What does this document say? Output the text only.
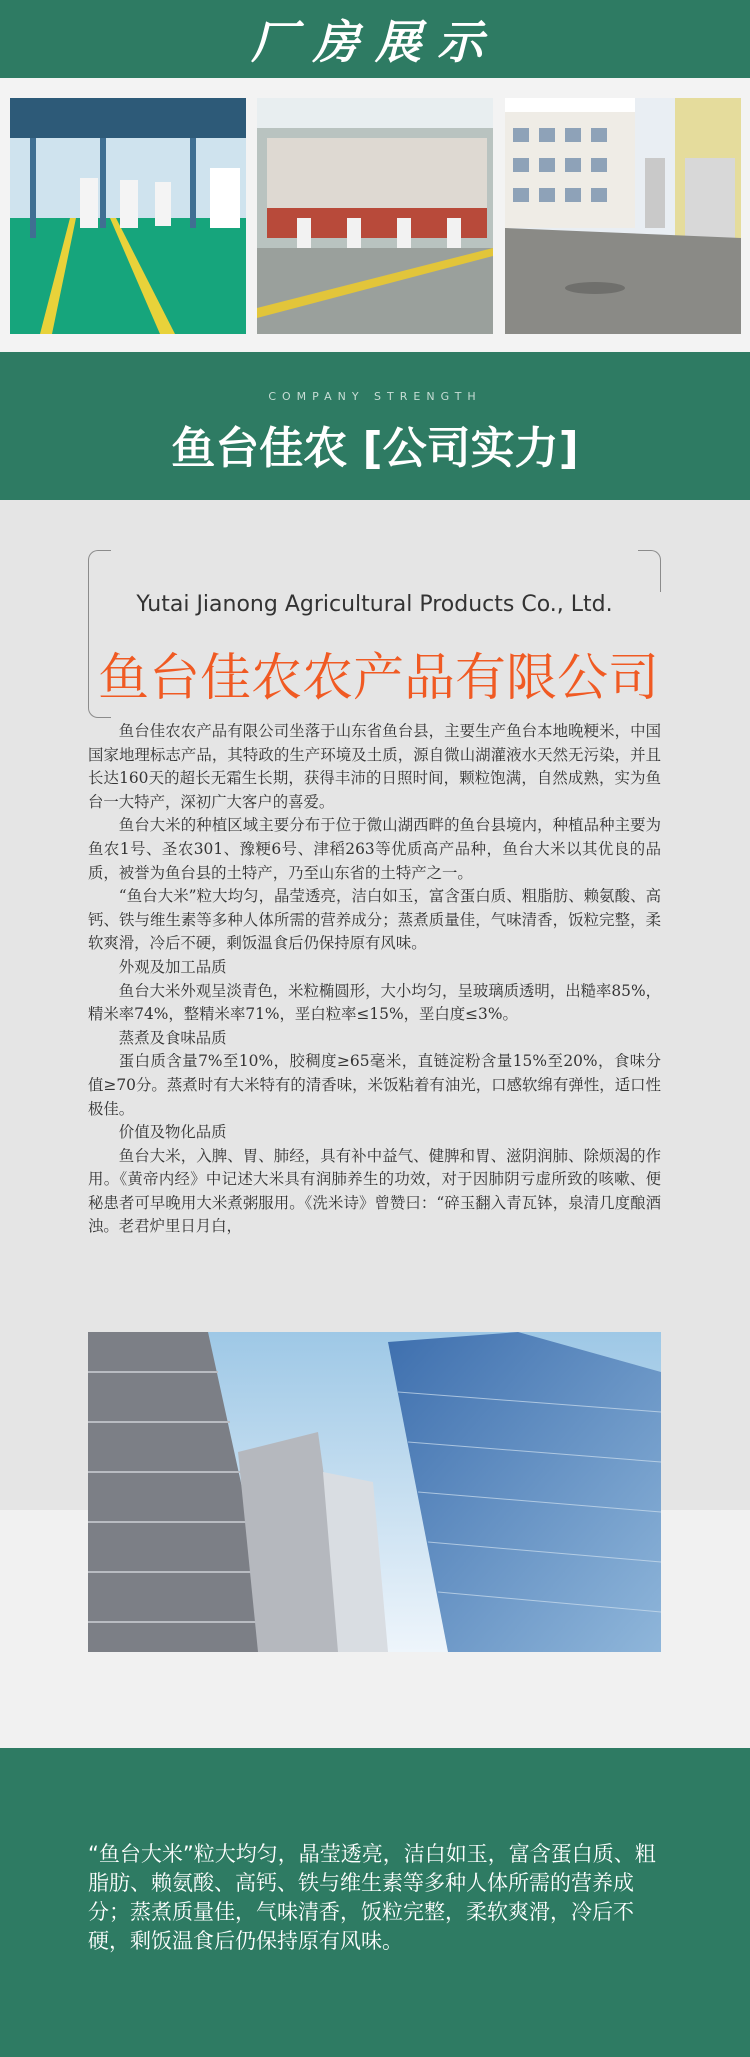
厂房展示
COMPANY STRENGTH
鱼台佳农 [公司实力]
Yutai Jianong Agricultural Products Co., Ltd.
鱼台佳农农产品有限公司

鱼台佳农农产品有限公司坐落于山东省鱼台县，主要生产鱼台本地晚粳米，中国国家地理标志产品，其特政的生产环境及土质，源自微山湖灌液水天然无污染，并且长达160天的超长无霜生长期，获得丰沛的日照时间，颗粒饱满，自然成熟，实为鱼台一大特产，深初广大客户的喜爱。

鱼台大米的种植区域主要分布于位于微山湖西畔的鱼台县境内，种植品种主要为鱼农1号、圣农301、豫粳6号、津稻263等优质高产品种，鱼台大米以其优良的品质，被誉为鱼台县的土特产，乃至山东省的土特产之一。

“鱼台大米”粒大均匀，晶莹透亮，洁白如玉，富含蛋白质、粗脂肪、赖氨酸、高钙、铁与维生素等多种人体所需的营养成分；蒸煮质量佳，气味清香，饭粒完整，柔软爽滑，冷后不硬，剩饭温食后仍保持原有风味。

外观及加工品质

鱼台大米外观呈淡青色，米粒椭圆形，大小均匀，呈玻璃质透明，出糙率85%，精米率74%，整精米率71%，垩白粒率≤15%，垩白度≤3%。

蒸煮及食味品质

蛋白质含量7%至10%，胶稠度≥65毫米，直链淀粉含量15%至20%，食味分值≥70分。蒸煮时有大米特有的清香味，米饭粘着有油光，口感软绵有弹性，适口性极佳。

价值及物化品质

鱼台大米，入脾、胃、肺经，具有补中益气、健脾和胃、滋阴润肺、除烦渴的作用。《黄帝内经》中记述大米具有润肺养生的功效，对于因肺阴亏虚所致的咳嗽、便秘患者可早晚用大米煮粥服用。《洗米诗》曾赞曰：“碎玉翻入青瓦钵，泉清几度酿酒浊。老君炉里日月白，

“鱼台大米”粒大均匀，晶莹透亮，洁白如玉，富含蛋白质、粗脂肪、赖氨酸、高钙、铁与维生素等多种人体所需的营养成分；蒸煮质量佳，气味清香，饭粒完整，柔软爽滑，冷后不硬，剩饭温食后仍保持原有风味。
